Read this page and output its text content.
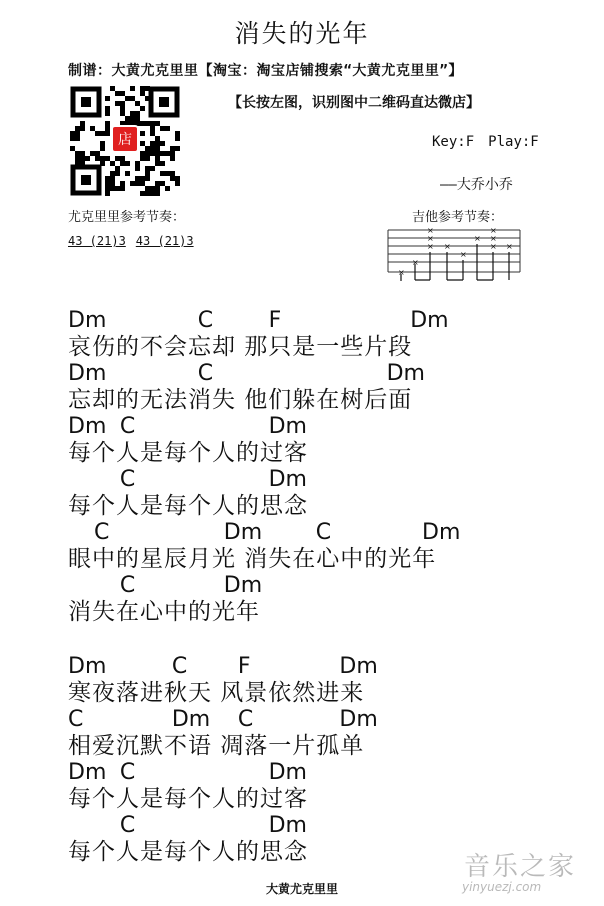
消失的光年
制谱：大黄尤克里里【淘宝：淘宝店铺搜索“大黄尤克里里”】
店
【长按左图，识别图中二维码直达微店】
Key:F Play:F
——大乔小乔
尤克里里参考节奏：	吉他参考节奏：
43 (21)3 43 (21)3
×
×
×
×
× ×
×
×
×
×
× ×
Dm	C	F	Dm
哀伤的不会忘却 那只是一些片段
Dm	C	Dm
忘却的无法消失 他们躲在树后面
Dm C	Dm
每个人是每个人的过客
C	Dm
每个人是每个人的思念
C	Dm C	Dm
眼中的星辰月光 消失在心中的光年
C	Dm
消失在心中的光年
Dm	C F	Dm
寒夜落进秋天 风景依然进来
C	Dm C	Dm
相爱沉默不语 凋落一片孤单
Dm C	Dm
每个人是每个人的过客
C	Dm
每个人是每个人的思念
大黄尤克里里
音乐之家
yinyuezj.com
